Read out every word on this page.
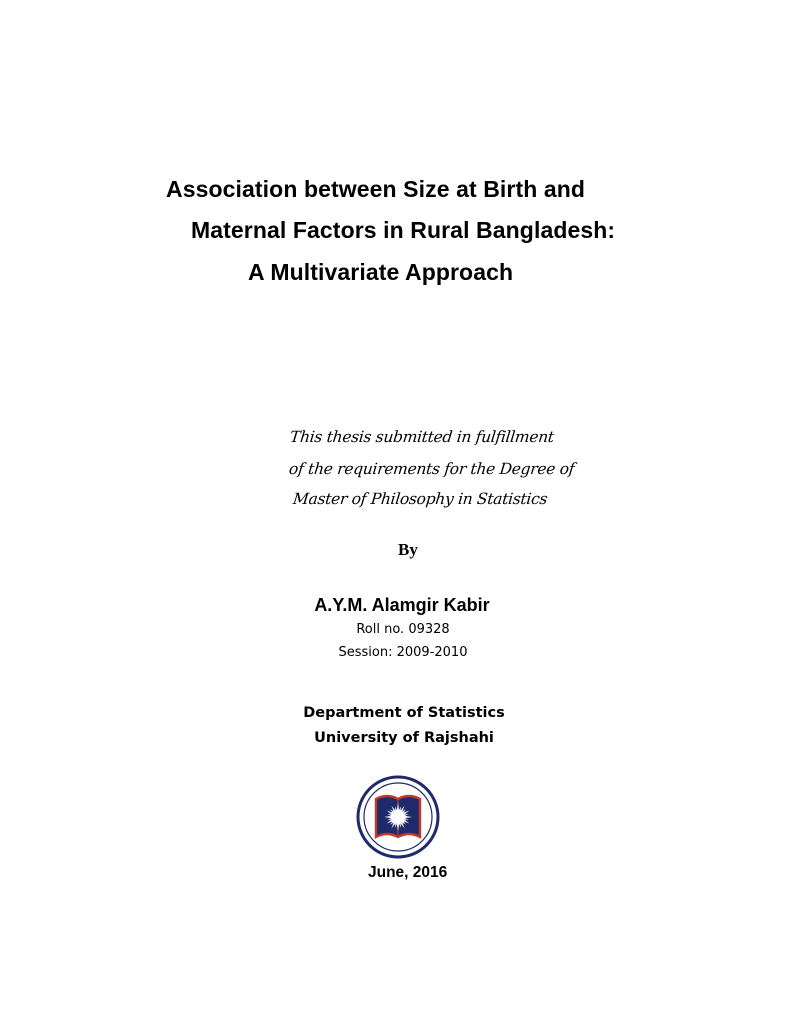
Association between Size at Birth and
Maternal Factors in Rural Bangladesh:
A Multivariate Approach
This thesis submitted in fulfillment
of the requirements for the Degree of
Master of Philosophy in Statistics
By
A.Y.M. Alamgir Kabir
Roll no. 09328
Session: 2009-2010
Department of Statistics
University of Rajshahi
June, 2016
